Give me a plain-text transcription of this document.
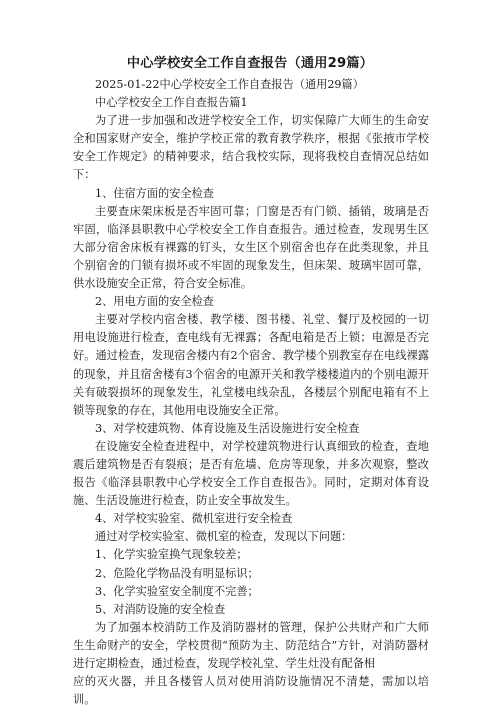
中心学校安全工作自查报告（通用29篇）

2025-01-22中心学校安全工作自查报告（通用29篇）

中心学校安全工作自查报告篇1

为了进一步加强和改进学校安全工作，切实保障广大师生的生命安全和国家财产安全，维护学校正常的教育教学秩序，根据《张掖市学校安全工作规定》的精神要求，结合我校实际，现将我校自查情况总结如下：

1、住宿方面的安全检查

主要查床架床板是否牢固可靠；门窗是否有门锁、插销，玻璃是否牢固，临泽县职教中心学校安全工作自查报告。通过检查，发现男生区大部分宿舍床板有裸露的钉头，女生区个别宿舍也存在此类现象，并且个别宿舍的门锁有损坏或不牢固的现象发生，但床架、玻璃牢固可靠，供水设施安全正常，符合安全标准。

2、用电方面的安全检查

主要对学校内宿舍楼、教学楼、图书楼、礼堂、餐厅及校园的一切用电设施进行检查，查电线有无裸露；各配电箱是否上锁；电源是否完好。通过检查，发现宿舍楼内有2个宿舍、教学楼个别教室存在电线裸露的现象，并且宿舍楼有3个宿舍的电源开关和教学楼楼道内的个别电源开关有破裂损坏的现象发生，礼堂楼电线杂乱，各楼层个别配电箱有不上锁等现象的存在，其他用电设施安全正常。

3、对学校建筑物、体育设施及生活设施进行安全检查

在设施安全检查进程中，对学校建筑物进行认真细致的检查，查地震后建筑物是否有裂痕；是否有危墙、危房等现象，并多次观察，整改报告《临泽县职教中心学校安全工作自查报告》。同时，定期对体育设施、生活设施进行检查，防止安全事故发生。

4、对学校实验室、微机室进行安全检查

通过对学校实验室、微机室的检查，发现以下问题：

1、化学实验室换气现象较差；

2、危险化学物品没有明显标识；

3、化学实验室安全制度不完善；

5、对消防设施的安全检查

为了加强本校消防工作及消防器材的管理，保护公共财产和广大师生生命财产的安全，学校贯彻“预防为主、防范结合”方针，对消防器材进行定期检查，通过检查，发现学校礼堂、学生灶没有配备相

应的灭火器，并且各楼管人员对使用消防设施情况不清楚，需加以培训。
